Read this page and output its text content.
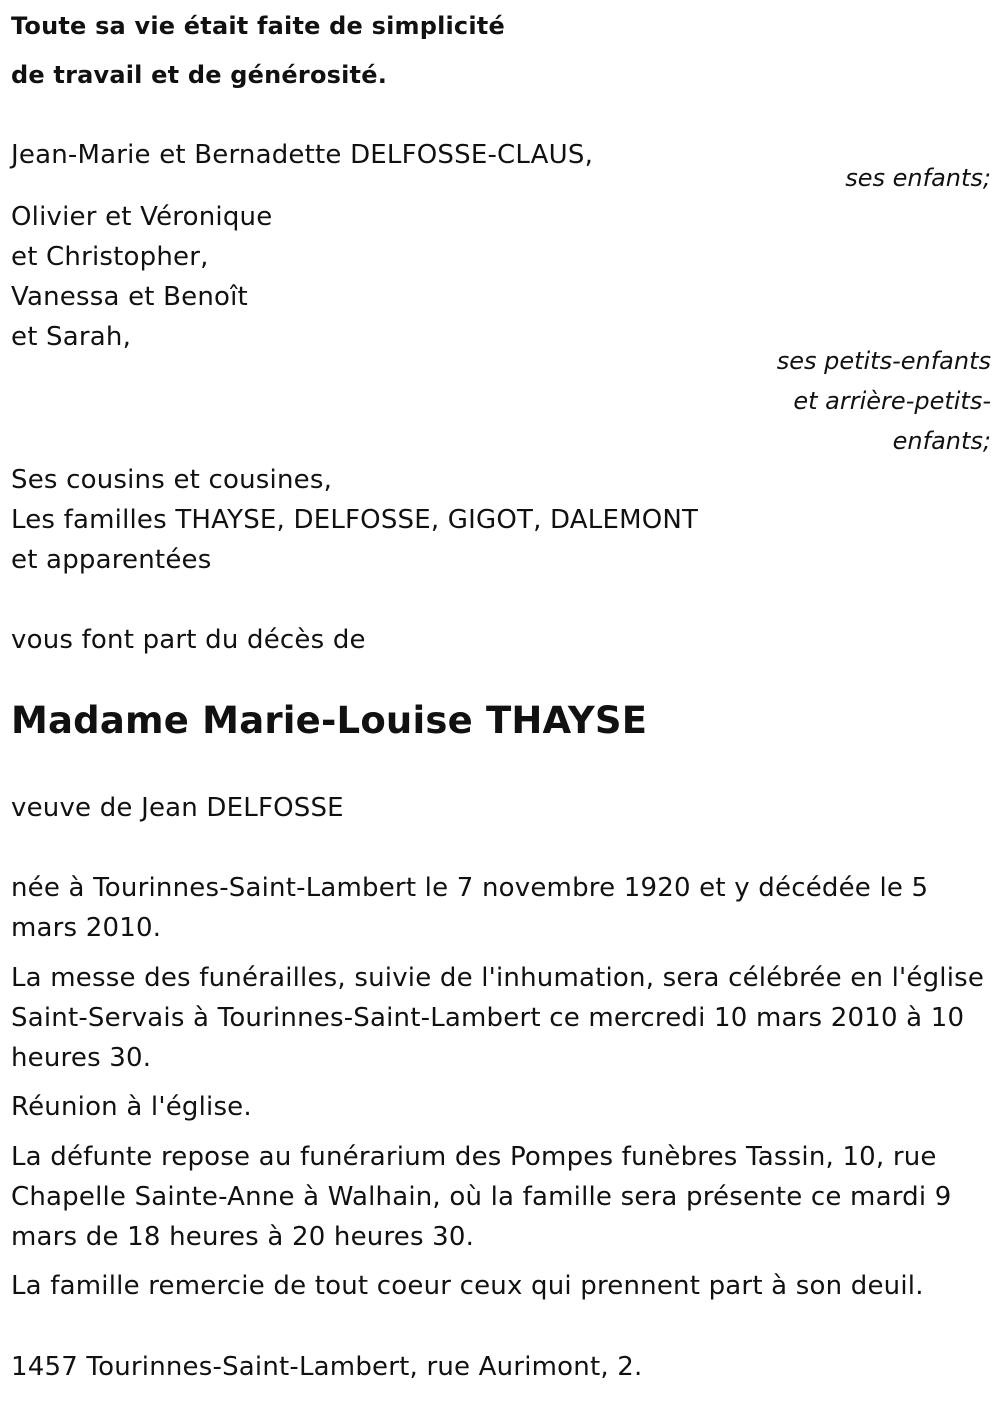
Toute sa vie était faite de simplicité
de travail et de générosité.
Jean-Marie et Bernadette DELFOSSE-CLAUS,
ses enfants;
Olivier et Véronique
et Christopher,
Vanessa et Benoît
et Sarah,
ses petits-enfants
et arrière-petits-
enfants;
Ses cousins et cousines,
Les familles THAYSE, DELFOSSE, GIGOT, DALEMONT
et apparentées
vous font part du décès de
Madame Marie-Louise THAYSE
veuve de Jean DELFOSSE
née à Tourinnes-Saint-Lambert le 7 novembre 1920 et y décédée le 5 mars 2010.
La messe des funérailles, suivie de l'inhumation, sera célébrée en l'église Saint-Servais à Tourinnes-Saint-Lambert ce mercredi 10 mars 2010 à 10 heures 30.
Réunion à l'église.
La défunte repose au funérarium des Pompes funèbres Tassin, 10, rue Chapelle Sainte-Anne à Walhain, où la famille sera présente ce mardi 9 mars de 18 heures à 20 heures 30.
La famille remercie de tout coeur ceux qui prennent part à son deuil.
1457 Tourinnes-Saint-Lambert, rue Aurimont, 2.
